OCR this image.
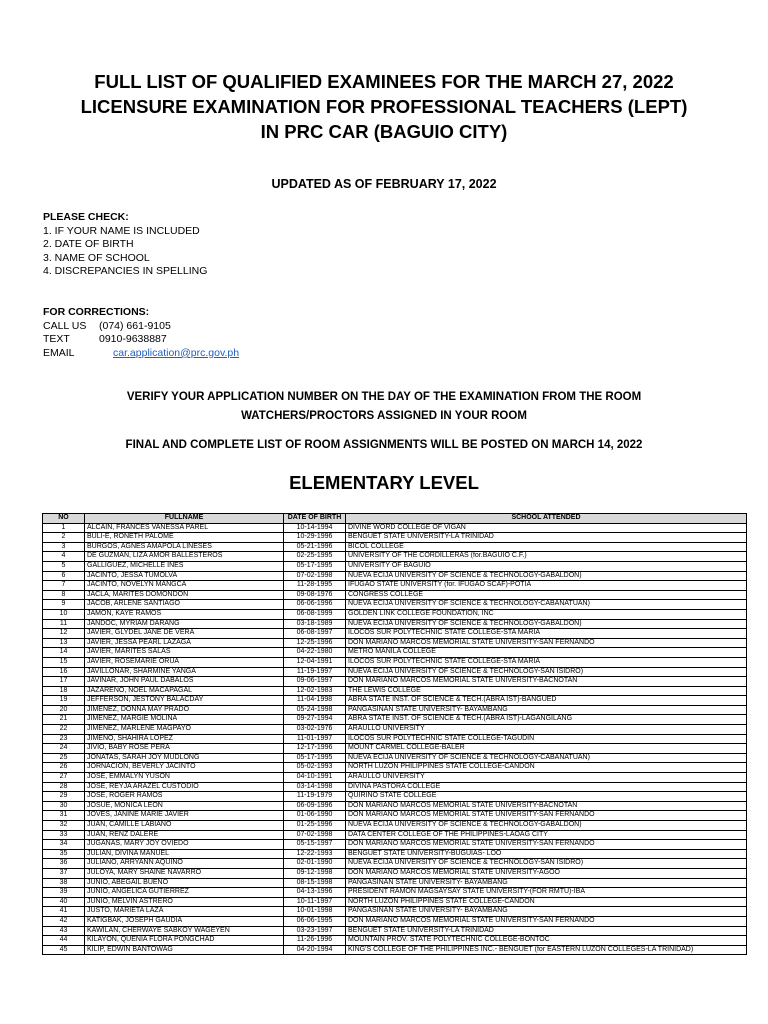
FULL LIST OF QUALIFIED EXAMINEES FOR THE MARCH 27, 2022
LICENSURE EXAMINATION FOR PROFESSIONAL TEACHERS (LEPT)
IN PRC CAR (BAGUIO CITY)
UPDATED AS OF FEBRUARY 17, 2022
PLEASE CHECK:
1. IF YOUR NAME IS INCLUDED
2. DATE OF BIRTH
3. NAME OF SCHOOL
4. DISCREPANCIES IN SPELLING
FOR CORRECTIONS:
CALL US	(074) 661-9105
TEXT	0910-9638887
EMAIL	car.application@prc.gov.ph
VERIFY YOUR APPLICATION NUMBER ON THE DAY OF THE EXAMINATION FROM THE ROOM
WATCHERS/PROCTORS ASSIGNED IN YOUR ROOM
FINAL AND COMPLETE LIST OF ROOM ASSIGNMENTS WILL BE POSTED ON MARCH 14, 2022
ELEMENTARY LEVEL
NO	FULLNAME	DATE OF BIRTH	SCHOOL ATTENDED
1	ALCAIN, FRANCES VANESSA PAREL	10-14-1994	DIVINE WORD COLLEGE OF VIGAN
2	BULI-E, RONETH PALOME	10-29-1996	BENGUET STATE UNIVERSITY-LA TRINIDAD
3	BURGOS, AGNES AMAPOLA LINESES	05-21-1996	BICOL COLLEGE
4	DE GUZMAN, LIZA AMOR BALLESTEROS	02-25-1995	UNIVERSITY OF THE CORDILLERAS (for.BAGUIO C.F.)
5	GALLIGUEZ, MICHELLE INES	05-17-1995	UNIVERSITY OF BAGUIO
6	JACINTO, JESSA TUMOLVA	07-02-1998	NUEVA ECIJA UNIVERSITY OF SCIENCE & TECHNOLOGY-GABALDON)
7	JACINTO, NOVELYN MANGCA	11-28-1995	IFUGAO STATE UNIVERSITY (for. IFUGAO SCAF)-POTIA
8	JACLA, MARITES DOMONDON	09-08-1976	CONGRESS COLLEGE
9	JACOB, ARLENE SANTIAGO	06-06-1996	NUEVA ECIJA UNIVERSITY OF SCIENCE & TECHNOLOGY-CABANATUAN)
10	JAMON, KAYE RAMOS	06-08-1999	GOLDEN LINK COLLEGE FOUNDATION, INC
11	JANDOC, MYRIAM DARANG	03-18-1989	NUEVA ECIJA UNIVERSITY OF SCIENCE & TECHNOLOGY-GABALDON)
12	JAVIER, GLYDEL JANE DE VERA	06-08-1997	ILOCOS SUR POLYTECHNIC STATE COLLEGE-STA MARIA
13	JAVIER, JESSA PEARL LAZAGA	12-25-1996	DON MARIANO MARCOS MEMORIAL STATE UNIVERSITY-SAN FERNANDO
14	JAVIER, MARITES SALAS	04-22-1980	METRO MANILA COLLEGE
15	JAVIER, ROSEMARIE ORUA	12-04-1991	ILOCOS SUR POLYTECHNIC STATE COLLEGE-STA MARIA
16	JAVILLONAR, SHARMINE YANGA	11-19-1997	NUEVA ECIJA UNIVERSITY OF SCIENCE & TECHNOLOGY-SAN ISIDRO)
17	JAVINAR, JOHN PAUL DABALOS	09-06-1997	DON MARIANO MARCOS MEMORIAL STATE UNIVERSITY-BACNOTAN
18	JAZARENO, NOEL MACAPAGAL	12-02-1983	THE LEWIS COLLEGE
19	JEFFERSON, JESTONY BALACDAY	11-04-1998	ABRA STATE INST. OF SCIENCE & TECH.(ABRA IST)-BANGUED
20	JIMENEZ, DONNA MAY PRADO	05-24-1998	PANGASINAN STATE UNIVERSITY- BAYAMBANG
21	JIMENEZ, MARGIE MOLINA	09-27-1994	ABRA STATE INST. OF SCIENCE & TECH.(ABRA IST)-LAGANGILANG
22	JIMENEZ, MARLENE MAGPAYO	03-02-1976	ARAULLO UNIVERSITY
23	JIMENO, SHAHIRA LOPEZ	11-01-1997	ILOCOS SUR POLYTECHNIC STATE COLLEGE-TAGUDIN
24	JIVIO, BABY ROSE PERA	12-17-1996	MOUNT CARMEL COLLEGE-BALER
25	JONATAS, SARAH JOY MUDLONG	05-17-1995	NUEVA ECIJA UNIVERSITY OF SCIENCE & TECHNOLOGY-CABANATUAN)
26	JORNACION, BEVERLY JACINTO	05-02-1993	NORTH LUZON PHILIPPINES STATE COLLEGE-CANDON
27	JOSE, EMMALYN YUSON	04-10-1991	ARAULLO UNIVERSITY
28	JOSE, REYJA ARAZEL CUSTODIO	03-14-1998	DIVINA PASTORA COLLEGE
29	JOSE, ROGER RAMOS	11-19-1979	QUIRINO STATE COLLEGE
30	JOSUE, MONICA LEON	06-09-1996	DON MARIANO MARCOS MEMORIAL STATE UNIVERSITY-BACNOTAN
31	JOVES, JANINE MARIE JAVIER	01-06-1990	DON MARIANO MARCOS MEMORIAL STATE UNIVERSITY-SAN FERNANDO
32	JUAN, CAMILLE LABIANO	01-25-1996	NUEVA ECIJA UNIVERSITY OF SCIENCE & TECHNOLOGY-GABALDON)
33	JUAN, RENZ DALERE	07-02-1998	DATA CENTER COLLEGE OF THE PHILIPPINES-LAOAG CITY
34	JUGANAS, MARY JOY OVIEDO	05-15-1997	DON MARIANO MARCOS MEMORIAL STATE UNIVERSITY-SAN FERNANDO
35	JULIAN, DIVINA MANUEL	12-22-1993	BENGUET STATE UNIVERSITY-BUGUIAS- LOO
36	JULIANO, ARRYANN AQUINO	02-01-1990	NUEVA ECIJA UNIVERSITY OF SCIENCE & TECHNOLOGY-SAN ISIDRO)
37	JULOYA, MARY SHAINE NAVARRO	09-12-1998	DON MARIANO MARCOS MEMORIAL STATE UNIVERSITY-AGOO
38	JUNIO, ABEGAIL BUENO	08-15-1998	PANGASINAN STATE UNIVERSITY- BAYAMBANG
39	JUNIO, ANGELICA GUTIERREZ	04-13-1996	PRESIDENT RAMON MAGSAYSAY STATE UNIVERSITY-(FOR RMTU)-IBA
40	JUNIO, MELVIN ASTRERO	10-11-1997	NORTH LUZON PHILIPPINES STATE COLLEGE-CANDON
41	JUSTO, MARIETA LAZA	10-01-1998	PANGASINAN STATE UNIVERSITY- BAYAMBANG
42	KATIGBAK, JOSEPH GAUDIA	06-06-1995	DON MARIANO MARCOS MEMORIAL STATE UNIVERSITY-SAN FERNANDO
43	KAWILAN, CHERWAYE SABKOY WAGEYEN	03-23-1997	BENGUET STATE UNIVERSITY-LA TRINIDAD
44	KILAYON, QUENIA FLORA PONGCHAD	11-26-1996	MOUNTAIN PROV. STATE POLYTECHNIC COLLEGE-BONTOC
45	KILIP, EDWIN BANTOWAG	04-20-1994	KING'S COLLEGE OF THE PHILIPPINES INC.- BENGUET (for EASTERN LUZON COLLEGES-LA TRINIDAD)
